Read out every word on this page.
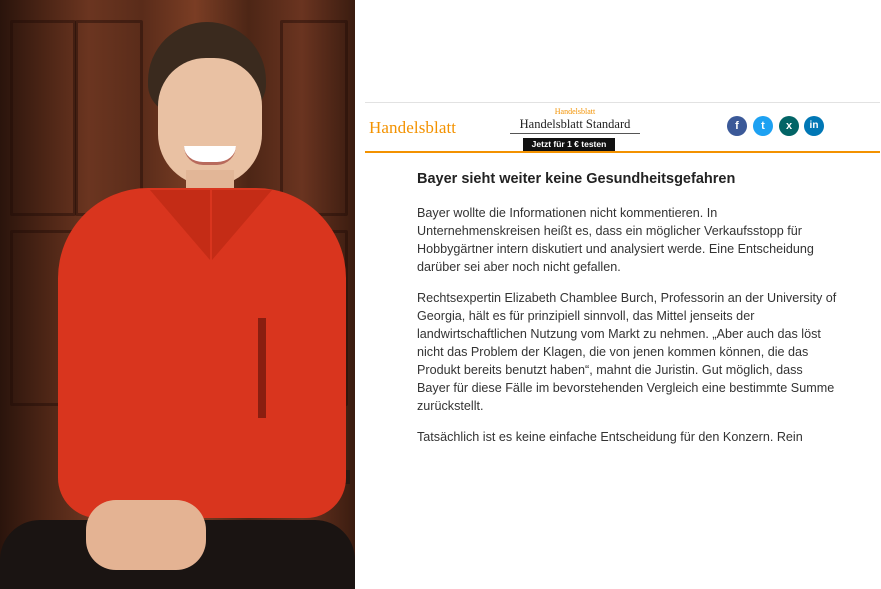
Handelsblatt
Handelsblatt
Handelsblatt Standard
Jetzt für 1 € testen
f	t	x	in
Bayer sieht weiter keine Gesundheitsgefahren

Bayer wollte die Informationen nicht kommentieren. In Unternehmenskreisen heißt es, dass ein möglicher Verkaufsstopp für Hobbygärtner intern diskutiert und analysiert werde. Eine Entscheidung darüber sei aber noch nicht gefallen.

Rechtsexpertin Elizabeth Chamblee Burch, Professorin an der University of Georgia, hält es für prinzipiell sinnvoll, das Mittel jenseits der landwirtschaftlichen Nutzung vom Markt zu nehmen. „Aber auch das löst nicht das Problem der Klagen, die von jenen kommen können, die das Produkt bereits benutzt haben“, mahnt die Juristin. Gut möglich, dass Bayer für diese Fälle im bevorstehenden Vergleich eine bestimmte Summe zurückstellt.

Tatsächlich ist es keine einfache Entscheidung für den Konzern. Rein
